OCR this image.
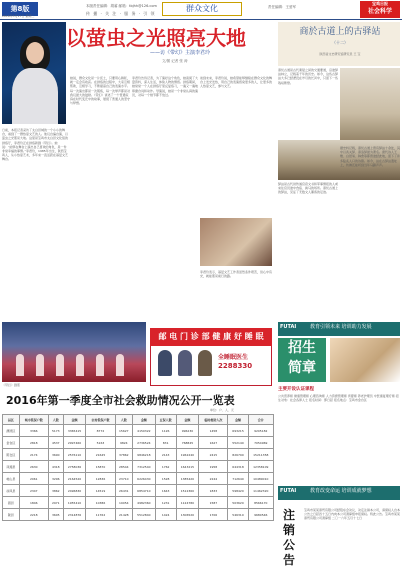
第8版
2016年5月17日 星期二
本版责任编辑：胡睿 邮箱：tbjhh@126.com
传 播 · 关 注 · 服 务 · 引 领
群众文化	责任编辑：王爱军
宝鸡日报
社会科学
以萤虫之光照亮大地
——访《带幻》主演李君玲
文/图 记者 张 涛
日前，本报记者采访了太白县城的一个小小的舞台，看到了一群热爱文艺的人。他们自编自演，以萤虫之光照亮大地。这里是宝鸡市太白县文化馆的排练厅，李君玲正在排练新剧《带幻》。她说：“能够在舞台上演出自己喜欢的角色，是一件非常幸福的事情。”李君玲，1985年出生，陕西宝鸡人，从小热爱艺术，多年来一直活跃在基层文艺舞台。
她说，群众文化是一片沃土，只要用心耕耘，就一定会有收获。在排练的过程中，大家互相帮助，互相学习，不断提高自己的表演水平。每一次演出都是一次锻炼，每一次掌声都是对我们最大的鼓励。《带幻》讲述了一个普通家庭在时代变迁中的故事，展现了普通人的坚守与梦想。
李君玲告诉记者，为了演好这个角色，她查阅了大量资料，深入生活，体验人物的情感。排练期间，她常常一个人在排练厅里反复练习，一遍又一遍地琢磨台词和动作。导演说，她是一个非常认真的演员，对每一个细节都不放过。
谈到未来，李君玲说，她希望能够继续在群众文化的舞台上发光发热，用自己的表演感染更多的人，让更多的人热爱文艺，参与文艺。
李君玲表示，基层文艺工作者虽然条件艰苦，但心中有光，就能照亮前行的路。
《带幻》剧照
邮 电 门 诊 部 健 康 好 睡 眠
全睡眠医生
2288330
商於古道上的古驿站
（十二）
陕西省文史研究馆研究员 王 宝
商於古道是古代秦楚之间的交通要道，沿途驿站林立，记载着千年的历史。如今，这些古驿站大多已经湮没在岁月的长河中，只留下一些残垣断壁。
驿站是古代供传递官府文书和军事情报的人或来往官员途中食宿、换马的场所。商於古道上的驿站，见证了无数文人墨客的足迹。
据史料记载，商於古道上曾有驿站十余处，其中以武关驿、商洛驿最为著名。唐代诗人王维、白居易、韩愈等都曾途经此地，留下了许多脍炙人口的诗篇。如今，站在古驿站遗址上，仿佛还能听到当年马蹄声声。
FUTAI	教育引领未来 培训助力发展
招生
简章
主要开设认证课程
公共营养师 健康管理师 心理咨询师 人力资源管理师 育婴师 养老护理员 中医康复理疗师 招生对象：社会各界人士 报名时间：即日起 报名地点：宝鸡市金台区
FUTAI	教育改变命运 培训成就梦想
注销公告
宝鸡市某某商贸有限公司经股东会决议，决定注销本公司，请债权人自本公告之日起四十五日内向本公司清算组申报债权。特此公告。宝鸡市某某商贸有限公司清算组 二〇一六年五月十七日
2016年第一季度全市社会救助情况公开一览表
单位：户、人、元
县区	城市低保户数	人数	金额	农村低保户数	人数	金额	五保人数	金额	临时救助人次	金额	合计
渭滨区	3366	5173	3365415	8772	15627	4150322	1126	996230	1458	693215	9205182
金台区	2818	4537	2997460	5163	9824	2736524	831	768845	1627	552140	7054969
陈仓区	2174	3690	2576110	21645	37862	9846218	2143	1962240	2415	826790	15211358
凤翔县	2630	4318	2758036	15870	28544	7312540	1762	1643215	1958	644318	12358109
岐山县	2061	3296	2164520	12836	23710	6226430	1528	1385420	2244	712640	10489010
扶风县	2347	3862	2496830	14519	26431	6854710	1643	1512360	1833	598420	11462320
眉县	1846	2971	1955410	10386	19054	4982360	1231	1124780	1587	503620	8566170
陇县	2218	3605	2314876	11762	21428	5512840	1424	1306520	1706	546310	9680546
